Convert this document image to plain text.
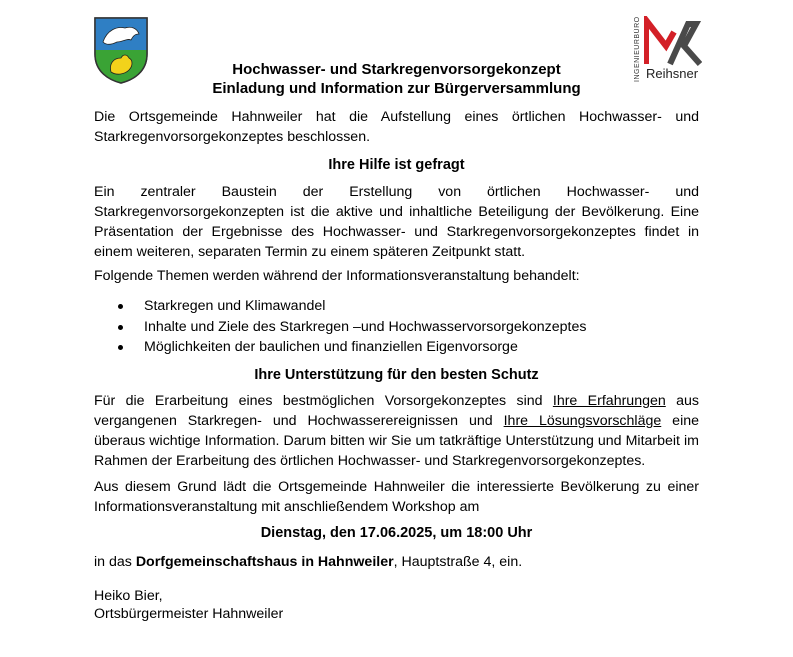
INGENIEURBÜRO Reihsner
Hochwasser- und Starkregenvorsorgekonzept
Einladung und Information zur Bürgerversammlung

Die Ortsgemeinde Hahnweiler hat die Aufstellung eines örtlichen Hochwasser- und Starkregenvorsorgekonzeptes beschlossen.

Ihre Hilfe ist gefragt

Ein zentraler Baustein der Erstellung von örtlichen Hochwasser- und Starkregenvorsorgekonzepten ist die aktive und inhaltliche Beteiligung der Bevölkerung. Eine Präsentation der Ergebnisse des Hochwasser- und Starkregenvorsorgekonzeptes findet in einem weiteren, separaten Termin zu einem späteren Zeitpunkt statt.

Folgende Themen werden während der Informationsveranstaltung behandelt:

Starkregen und Klimawandel
Inhalte und Ziele des Starkregen –und Hochwasservorsorgekonzeptes
Möglichkeiten der baulichen und finanziellen Eigenvorsorge
Ihre Unterstützung für den besten Schutz

Für die Erarbeitung eines bestmöglichen Vorsorgekonzeptes sind Ihre Erfahrungen aus vergangenen Starkregen- und Hochwasserereignissen und Ihre Lösungsvorschläge eine überaus wichtige Information. Darum bitten wir Sie um tatkräftige Unterstützung und Mitarbeit im Rahmen der Erarbeitung des örtlichen Hochwasser- und Starkregenvorsorgekonzeptes.

Aus diesem Grund lädt die Ortsgemeinde Hahnweiler die interessierte Bevölkerung zu einer Informationsveranstaltung mit anschließendem Workshop am

Dienstag, den 17.06.2025, um 18:00 Uhr
in das Dorfgemeinschaftshaus in Hahnweiler, Hauptstraße 4, ein.
Heiko Bier,
Ortsbürgermeister Hahnweiler
